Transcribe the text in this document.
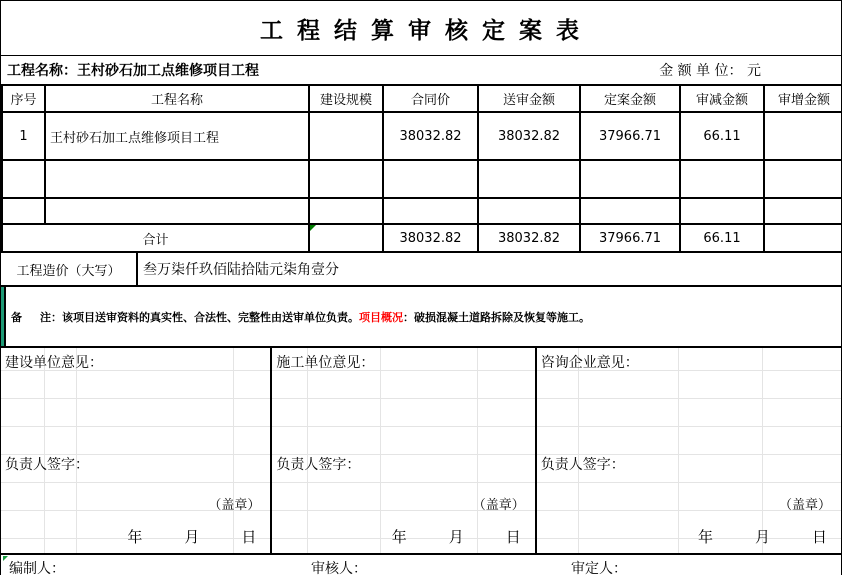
工 程 结 算 审 核 定 案 表
工程名称：王村砂石加工点维修项目工程	金 额 单 位： 元
序号	工程名称	建设规模	合同价	送审金额	定案金额	审减金额	审增金额
1	王村砂石加工点维修项目工程		38032.82	38032.82	37966.71	66.11	

合计			38032.82	38032.82	37966.71	66.11	
工程造价（大写）	叁万柒仟玖佰陆拾陆元柒角壹分
备 注：该项目送审资料的真实性、合法性、完整性由送审单位负责。 项目概况 ：破损混凝土道路拆除及恢复等施工。
建设单位意见：
负责人签字：
（盖章）
年	月	日
施工单位意见：
负责人签字：
（盖章）
年	月	日
咨询企业意见：
负责人签字：
（盖章）
年	月	日
编制人：	审核人：	审定人：
